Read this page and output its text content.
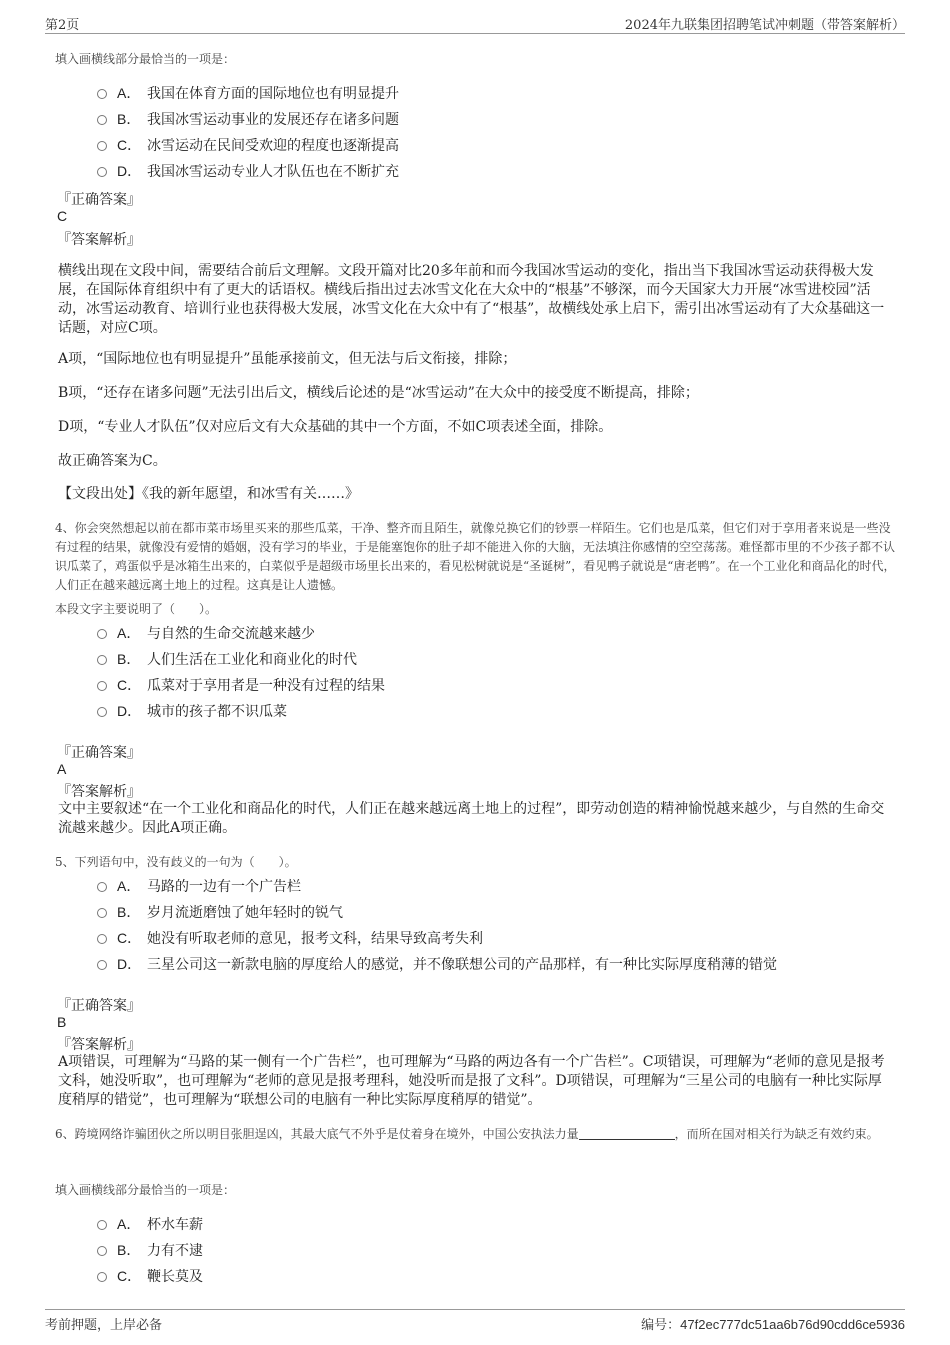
第2页	2024年九联集团招聘笔试冲刺题（带答案解析）
填入画横线部分最恰当的一项是：
A． 我国在体育方面的国际地位也有明显提升
B． 我国冰雪运动事业的发展还存在诸多问题
C． 冰雪运动在民间受欢迎的程度也逐渐提高
D． 我国冰雪运动专业人才队伍也在不断扩充
『正确答案』
C
『答案解析』
横线出现在文段中间，需要结合前后文理解。文段开篇对比20多年前和而今我国冰雪运动的变化，指出当下我国冰雪运动获得极大发展，在国际体育组织中有了更大的话语权。横线后指出过去冰雪文化在大众中的“根基”不够深，而今天国家大力开展“冰雪进校园”活动，冰雪运动教育、培训行业也获得极大发展，冰雪文化在大众中有了“根基”，故横线处承上启下，需引出冰雪运动有了大众基础这一话题，对应C项。
A项，“国际地位也有明显提升”虽能承接前文，但无法与后文衔接，排除；
B项，“还存在诸多问题”无法引出后文，横线后论述的是“冰雪运动”在大众中的接受度不断提高，排除；
D项，“专业人才队伍”仅对应后文有大众基础的其中一个方面，不如C项表述全面，排除。
故正确答案为C。
【文段出处】《我的新年愿望，和冰雪有关……》
4、你会突然想起以前在都市菜市场里买来的那些瓜菜，干净、整齐而且陌生，就像兑换它们的钞票一样陌生。它们也是瓜菜，但它们对于享用者来说是一些没有过程的结果，就像没有爱情的婚姻，没有学习的毕业，于是能塞饱你的肚子却不能进入你的大脑，无法填注你感情的空空荡荡。难怪都市里的不少孩子都不认识瓜菜了，鸡蛋似乎是冰箱生出来的，白菜似乎是超级市场里长出来的，看见松树就说是“圣诞树”，看见鸭子就说是“唐老鸭”。在一个工业化和商品化的时代，人们正在越来越远离土地上的过程。这真是让人遗憾。
本段文字主要说明了（　　）。
A． 与自然的生命交流越来越少
B． 人们生活在工业化和商业化的时代
C． 瓜菜对于享用者是一种没有过程的结果
D． 城市的孩子都不识瓜菜
『正确答案』
A
『答案解析』
文中主要叙述“在一个工业化和商品化的时代，人们正在越来越远离土地上的过程”，即劳动创造的精神愉悦越来越少，与自然的生命交流越来越少。因此A项正确。
5、下列语句中，没有歧义的一句为（　　）。
A． 马路的一边有一个广告栏
B． 岁月流逝磨蚀了她年轻时的锐气
C． 她没有听取老师的意见，报考文科，结果导致高考失利
D． 三星公司这一新款电脑的厚度给人的感觉，并不像联想公司的产品那样，有一种比实际厚度稍薄的错觉
『正确答案』
B
『答案解析』
A项错误，可理解为“马路的某一侧有一个广告栏”，也可理解为“马路的两边各有一个广告栏”。C项错误，可理解为“老师的意见是报考文科，她没听取”，也可理解为“老师的意见是报考理科，她没听而是报了文科”。D项错误，可理解为“三星公司的电脑有一种比实际厚度稍厚的错觉”，也可理解为“联想公司的电脑有一种比实际厚度稍厚的错觉”。
6、跨境网络诈骗团伙之所以明目张胆逞凶，其最大底气不外乎是仗着身在境外，中国公安执法力量	，而所在国对相关行为缺乏有效约束。
填入画横线部分最恰当的一项是：
A． 杯水车薪
B． 力有不逮
C． 鞭长莫及
考前押题，上岸必备	编号：47f2ec777dc51aa6b76d90cdd6ce5936
